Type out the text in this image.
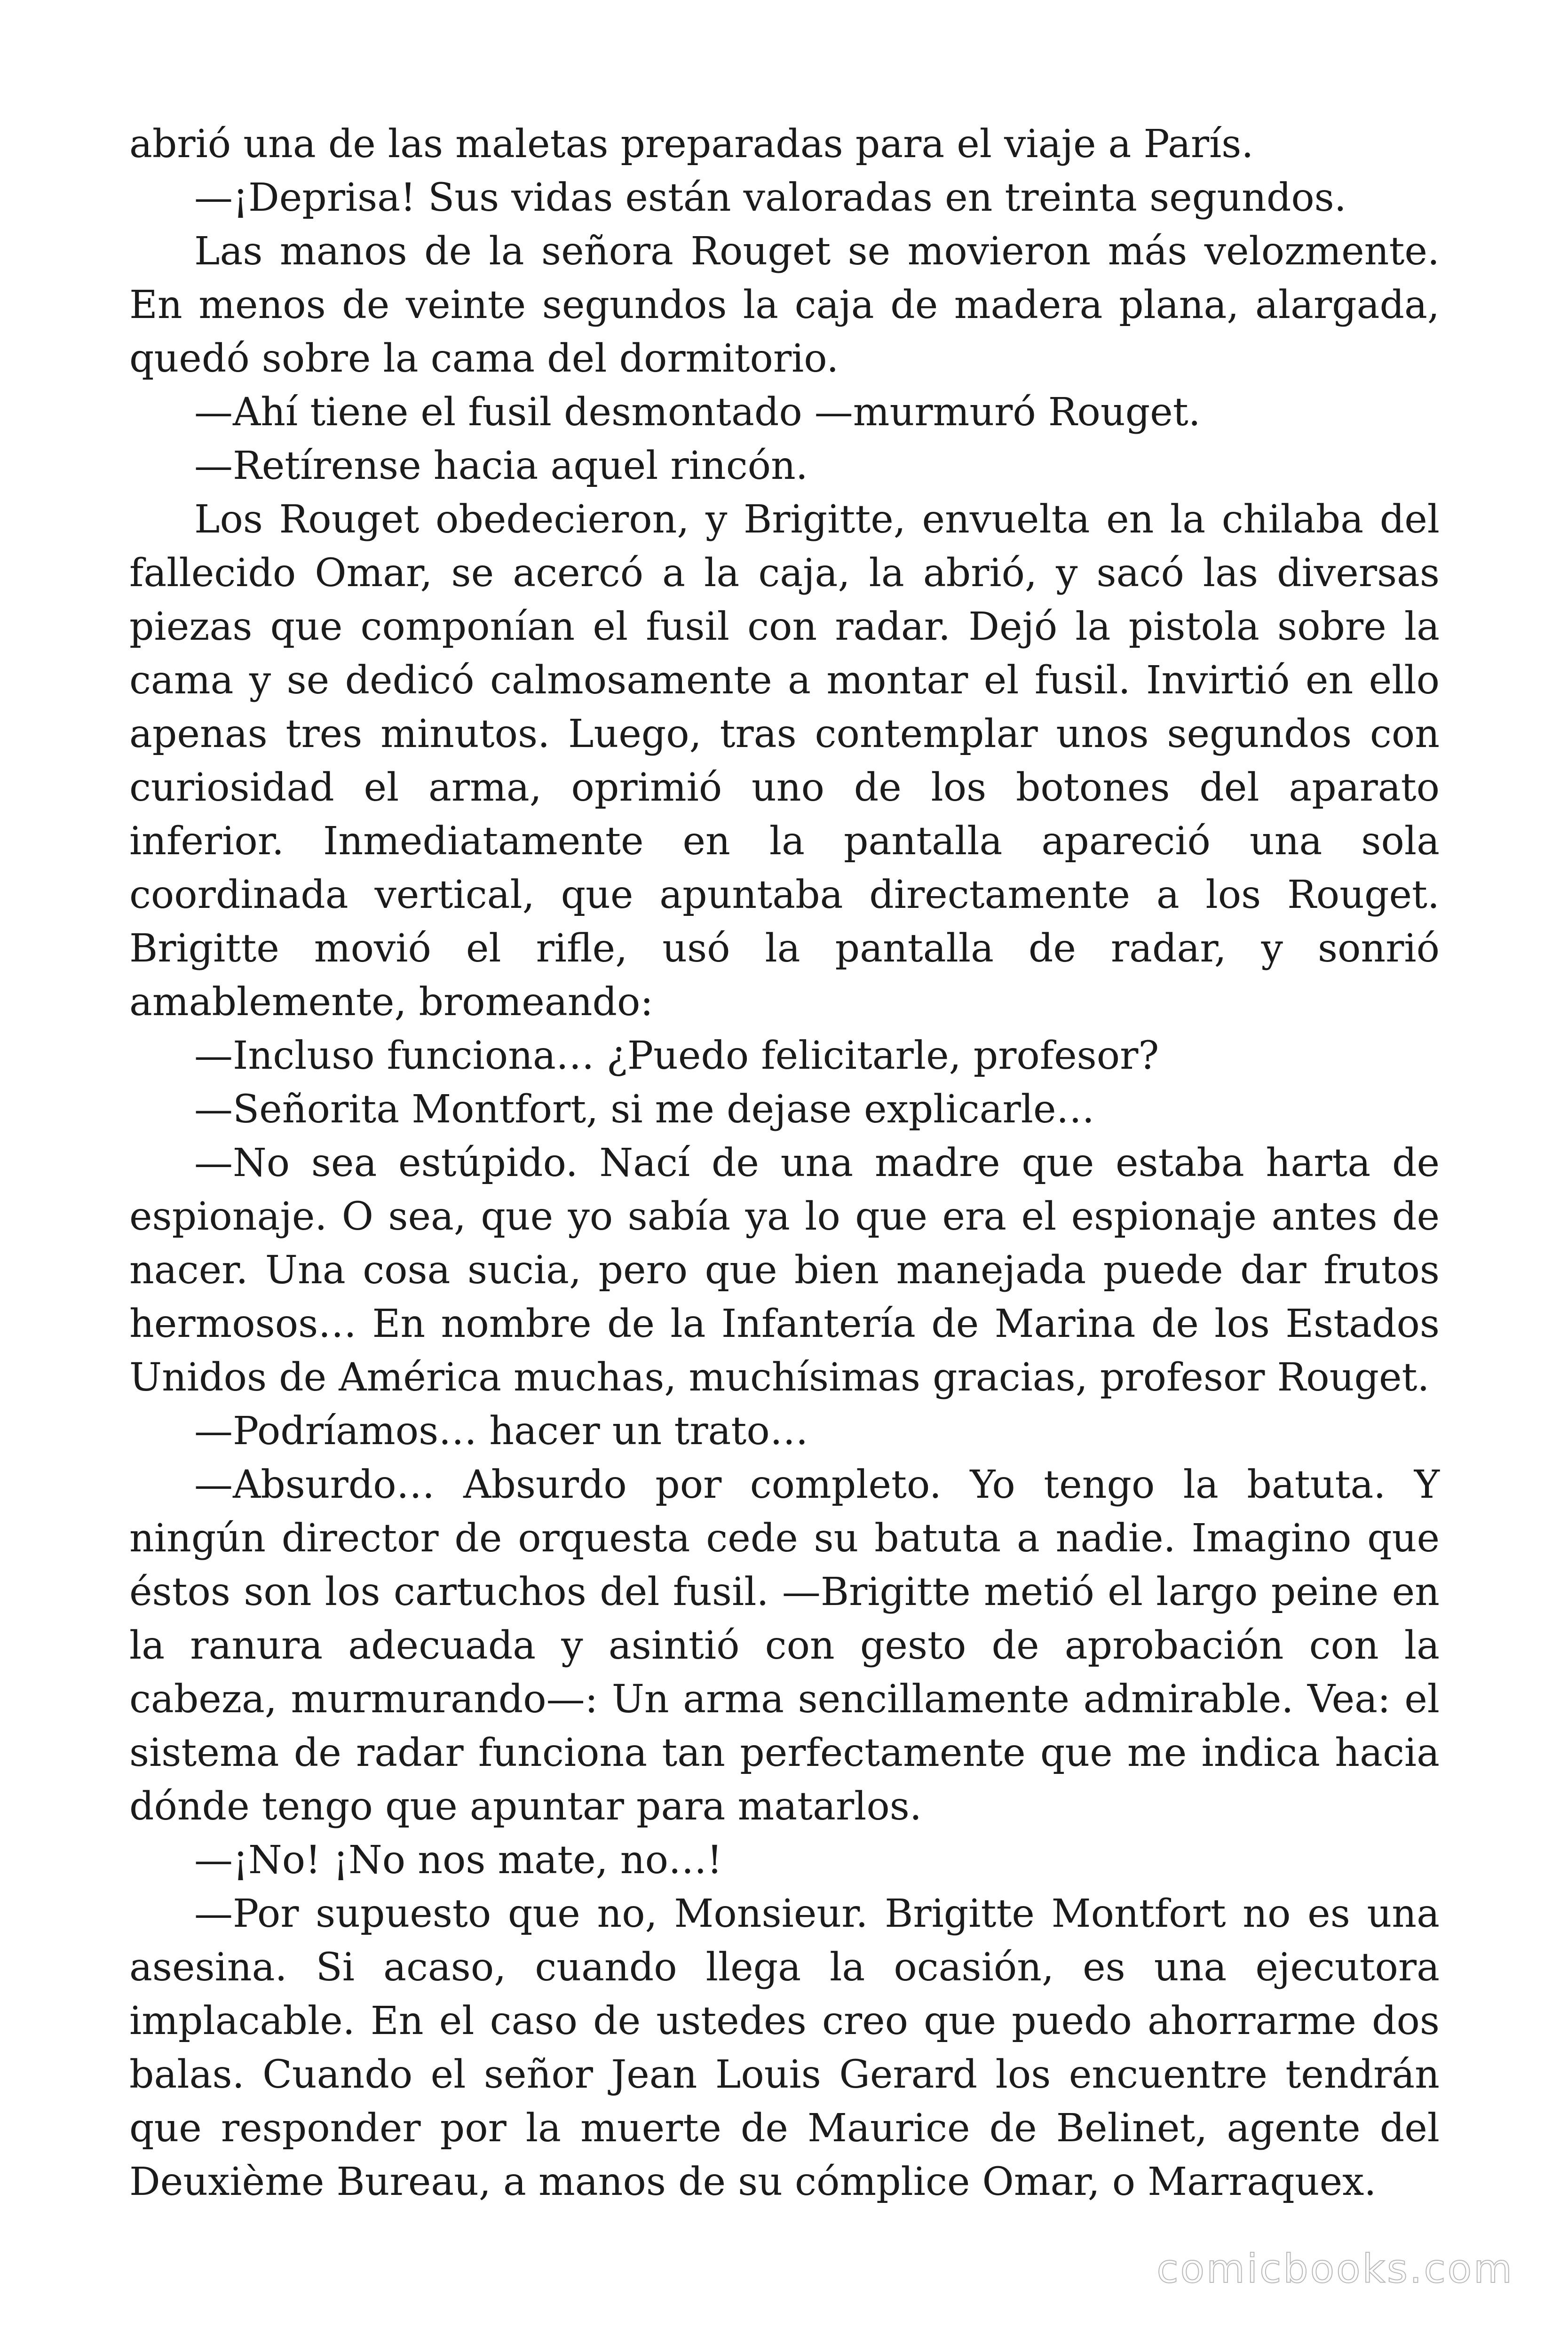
abrió una de las maletas preparadas para el viaje a París.

—¡Deprisa! Sus vidas están valoradas en treinta segundos.

Las manos de la señora Rouget se movieron más velozmente. En menos de veinte segundos la caja de madera plana, alargada, quedó sobre la cama del dormitorio.

—Ahí tiene el fusil desmontado —murmuró Rouget.

—Retírense hacia aquel rincón.

Los Rouget obedecieron, y Brigitte, envuelta en la chilaba del fallecido Omar, se acercó a la caja, la abrió, y sacó las diversas piezas que componían el fusil con radar. Dejó la pistola sobre la cama y se dedicó calmosamente a montar el fusil. Invirtió en ello apenas tres minutos. Luego, tras contemplar unos segundos con curiosidad el arma, oprimió uno de los botones del aparato inferior. Inmediatamente en la pantalla apareció una sola coordinada vertical, que apuntaba directamente a los Rouget. Brigitte movió el rifle, usó la pantalla de radar, y sonrió amablemente, bromeando:

—Incluso funciona… ¿Puedo felicitarle, profesor?

—Señorita Montfort, si me dejase explicarle…

—No sea estúpido. Nací de una madre que estaba harta de espionaje. O sea, que yo sabía ya lo que era el espionaje antes de nacer. Una cosa sucia, pero que bien manejada puede dar frutos hermosos… En nombre de la Infantería de Marina de los Estados Unidos de América muchas, muchísimas gracias, profesor Rouget.

—Podríamos… hacer un trato…

—Absurdo… Absurdo por completo. Yo tengo la batuta. Y ningún director de orquesta cede su batuta a nadie. Imagino que éstos son los cartuchos del fusil. —Brigitte metió el largo peine en la ranura adecuada y asintió con gesto de aprobación con la cabeza, murmurando—: Un arma sencillamente admirable. Vea: el sistema de radar funciona tan perfectamente que me indica hacia dónde tengo que apuntar para matarlos.

—¡No! ¡No nos mate, no…!

—Por supuesto que no, Monsieur. Brigitte Montfort no es una asesina. Si acaso, cuando llega la ocasión, es una ejecutora implacable. En el caso de ustedes creo que puedo ahorrarme dos balas. Cuando el señor Jean Louis Gerard los encuentre tendrán que responder por la muerte de Maurice de Belinet, agente del Deuxième Bureau, a manos de su cómplice Omar, o Marraquex.

comicbooks.com
